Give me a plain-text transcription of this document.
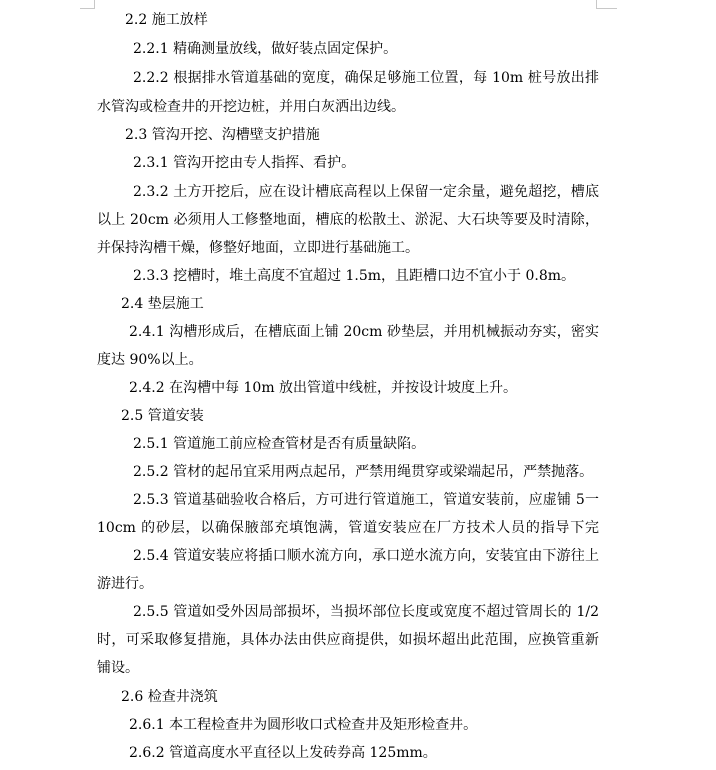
2.2 施工放样
2.2.1 精确测量放线，做好装点固定保护。
2.2.2 根据排水管道基础的宽度，确保足够施工位置，每 10m 桩号放出排
水管沟或检查井的开挖边桩，并用白灰洒出边线。
2.3 管沟开挖、沟槽壁支护措施
2.3.1 管沟开挖由专人指挥、看护。
2.3.2 土方开挖后，应在设计槽底高程以上保留一定余量，避免超挖，槽底
以上 20cm 必须用人工修整地面，槽底的松散土、淤泥、大石块等要及时清除，
并保持沟槽干燥，修整好地面，立即进行基础施工。
2.3.3 挖槽时，堆土高度不宜超过 1.5m，且距槽口边不宜小于 0.8m。
2.4 垫层施工
2.4.1 沟槽形成后，在槽底面上铺 20cm 砂垫层，并用机械振动夯实，密实
度达 90%以上。
2.4.2 在沟槽中每 10m 放出管道中线桩，并按设计坡度上升。
2.5 管道安装
2.5.1 管道施工前应检查管材是否有质量缺陷。
2.5.2 管材的起吊宜采用两点起吊，严禁用绳贯穿或梁端起吊，严禁抛落。
2.5.3 管道基础验收合格后，方可进行管道施工，管道安装前，应虚铺 5一
10cm 的砂层，以确保腋部充填饱满，管道安装应在厂方技术人员的指导下完
2.5.4 管道安装应将插口顺水流方向，承口逆水流方向，安装宜由下游往上
游进行。
2.5.5 管道如受外因局部损坏，当损坏部位长度或宽度不超过管周长的 1/2
时，可采取修复措施，具体办法由供应商提供，如损坏超出此范围，应换管重新
铺设。
2.6 检查井浇筑
2.6.1 本工程检查井为圆形收口式检查井及矩形检查井。
2.6.2 管道高度水平直径以上发砖券高 125mm。
